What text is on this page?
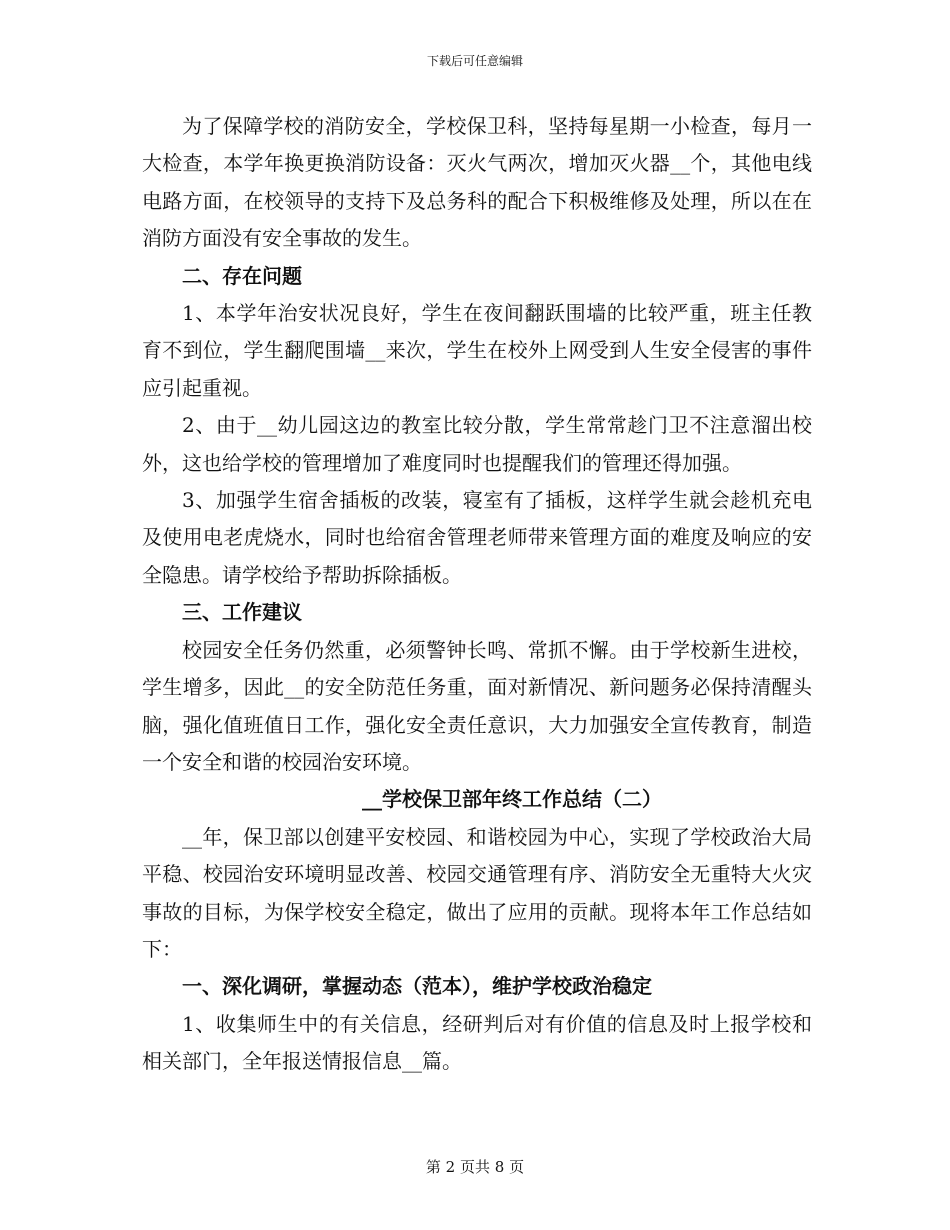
下载后可任意编辑

为了保障学校的消防安全，学校保卫科，坚持每星期一小检查，每月一大检查，本学年换更换消防设备：灭火气两次，增加灭火器__个，其他电线电路方面，在校领导的支持下及总务科的配合下积极维修及处理，所以在在消防方面没有安全事故的发生。

二、存在问题

1、本学年治安状况良好，学生在夜间翻跃围墙的比较严重，班主任教育不到位，学生翻爬围墙__来次，学生在校外上网受到人生安全侵害的事件应引起重视。

2、由于__幼儿园这边的教室比较分散，学生常常趁门卫不注意溜出校外，这也给学校的管理增加了难度同时也提醒我们的管理还得加强。

3、加强学生宿舍插板的改装，寝室有了插板，这样学生就会趁机充电及使用电老虎烧水，同时也给宿舍管理老师带来管理方面的难度及响应的安全隐患。请学校给予帮助拆除插板。

三、工作建议

校园安全任务仍然重，必须警钟长鸣、常抓不懈。由于学校新生进校，学生增多，因此__的安全防范任务重，面对新情况、新问题务必保持清醒头脑，强化值班值日工作，强化安全责任意识，大力加强安全宣传教育，制造一个安全和谐的校园治安环境。

__学校保卫部年终工作总结（二）

__年，保卫部以创建平安校园、和谐校园为中心，实现了学校政治大局平稳、校园治安环境明显改善、校园交通管理有序、消防安全无重特大火灾事故的目标，为保学校安全稳定，做出了应用的贡献。现将本年工作总结如下：

一、深化调研，掌握动态（范本），维护学校政治稳定

1、收集师生中的有关信息，经研判后对有价值的信息及时上报学校和相关部门，全年报送情报信息__篇。

第 2 页共 8 页
